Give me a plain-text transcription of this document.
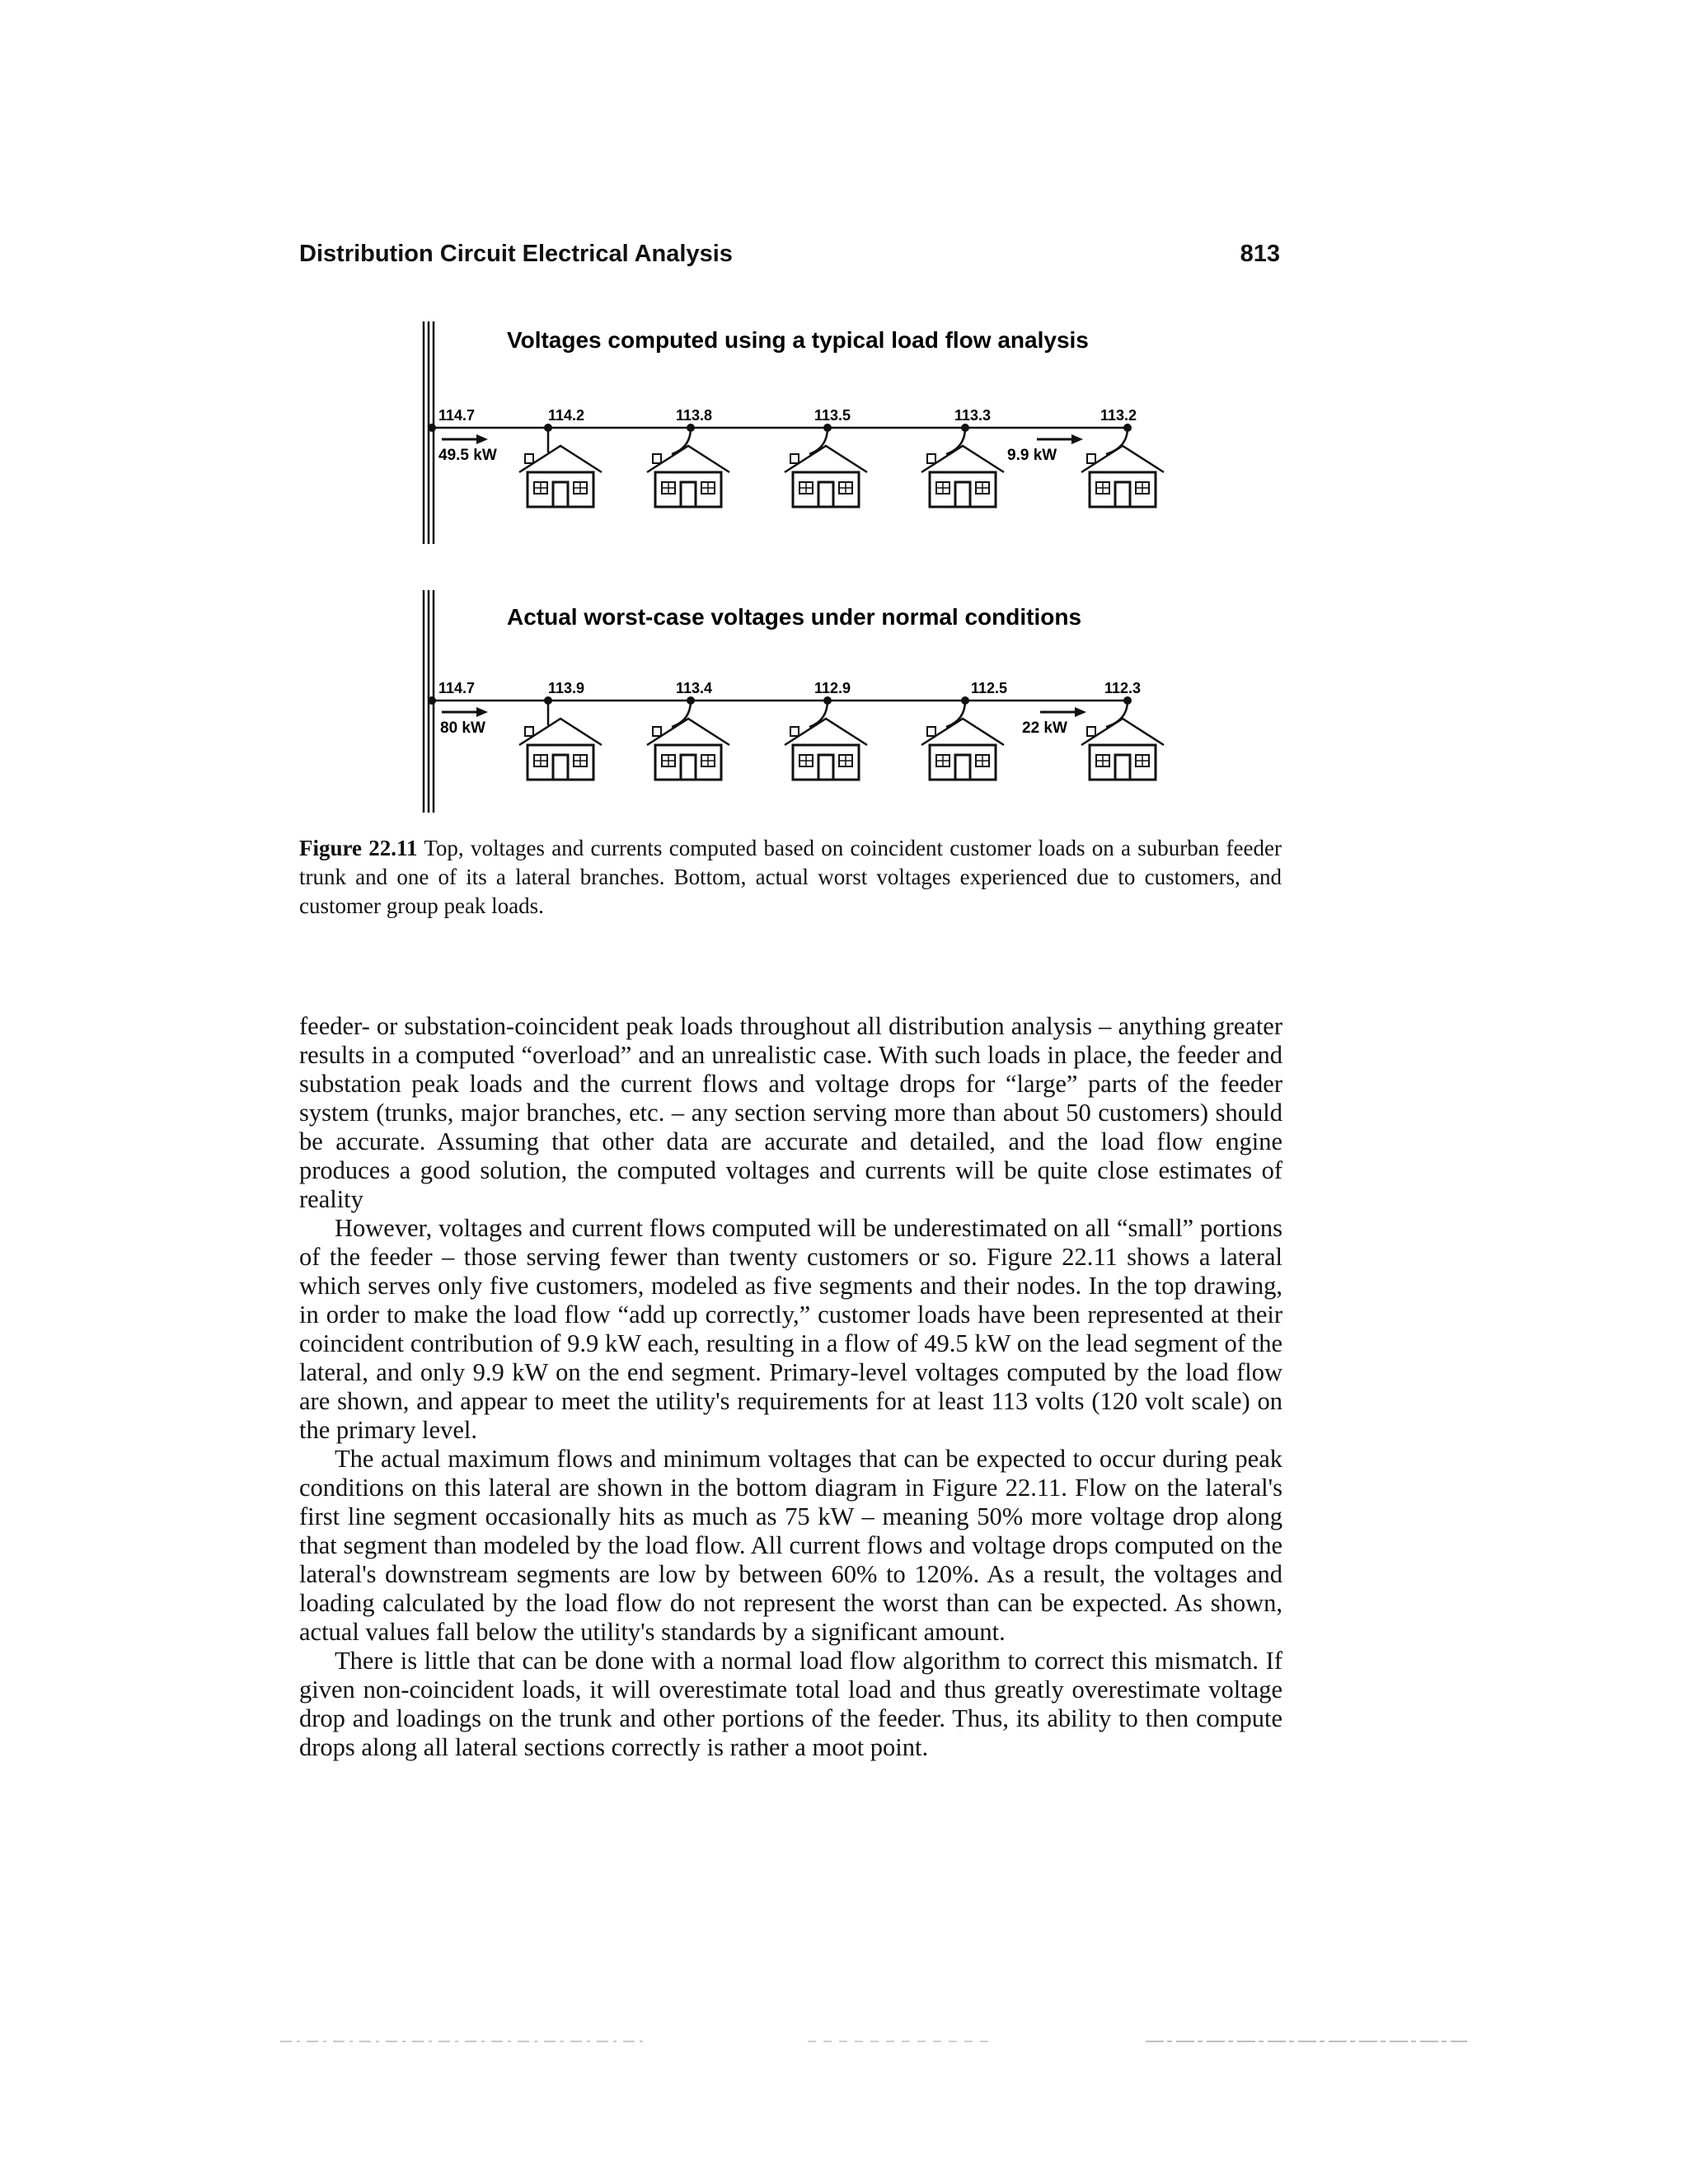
Distribution Circuit Electrical Analysis	813
Voltages computed using a typical load flow analysis
114.7	114.2	113.8	113.5	113.3	113.2
49.5 kW	9.9 kW
Actual worst-case voltages under normal conditions
114.7	113.9	113.4	112.9	112.5	112.3
80 kW	22 kW
Figure 22.11 Top, voltages and currents computed based on coincident customer loads on a suburban feeder trunk and one of its a lateral branches. Bottom, actual worst voltages experienced due to customers, and customer group peak loads.

feeder- or substation-coincident peak loads throughout all distribution analysis – anything greater results in a computed “overload” and an unrealistic case. With such loads in place, the feeder and substation peak loads and the current flows and voltage drops for “large” parts of the feeder system (trunks, major branches, etc. – any section serving more than about 50 customers) should be accurate. Assuming that other data are accurate and detailed, and the load flow engine produces a good solution, the computed voltages and currents will be quite close estimates of reality

However, voltages and current flows computed will be underestimated on all “small” portions of the feeder – those serving fewer than twenty customers or so. Figure 22.11 shows a lateral which serves only five customers, modeled as five segments and their nodes. In the top drawing, in order to make the load flow “add up correctly,” customer loads have been represented at their coincident contribution of 9.9 kW each, resulting in a flow of 49.5 kW on the lead segment of the lateral, and only 9.9 kW on the end segment. Primary-level voltages computed by the load flow are shown, and appear to meet the utility's requirements for at least 113 volts (120 volt scale) on the primary level.

The actual maximum flows and minimum voltages that can be expected to occur during peak conditions on this lateral are shown in the bottom diagram in Figure 22.11. Flow on the lateral's first line segment occasionally hits as much as 75 kW – meaning 50% more voltage drop along that segment than modeled by the load flow. All current flows and voltage drops computed on the lateral's downstream segments are low by between 60% to 120%. As a result, the voltages and loading calculated by the load flow do not represent the worst than can be expected. As shown, actual values fall below the utility's standards by a significant amount.

There is little that can be done with a normal load flow algorithm to correct this mismatch. If given non-coincident loads, it will overestimate total load and thus greatly overestimate voltage drop and loadings on the trunk and other portions of the feeder. Thus, its ability to then compute drops along all lateral sections correctly is rather a moot point.
